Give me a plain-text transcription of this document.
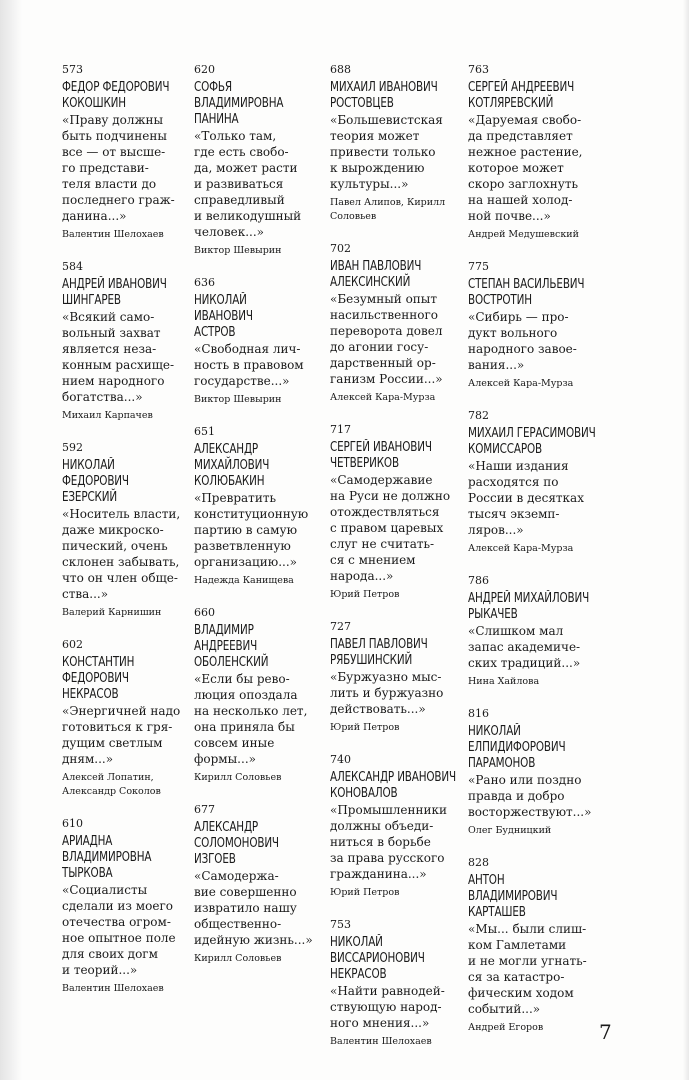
573
ФЕДОР ФЕДОРОВИЧ
КОКОШКИН
«Праву должны
быть подчинены
все — от высше-
го представи-
теля власти до
последнего граж-
данина...»
Валентин Шелохаев
584
АНДРЕЙ ИВАНОВИЧ
ШИНГАРЕВ
«Всякий само-
вольный захват
является неза-
конным расхище-
нием народного
богатства...»
Михаил Карпачев
592
НИКОЛАЙ
ФЕДОРОВИЧ
ЕЗЕРСКИЙ
«Носитель власти,
даже микроско-
пический, очень
склонен забывать,
что он член обще-
ства...»
Валерий Карнишин
602
КОНСТАНТИН
ФЕДОРОВИЧ
НЕКРАСОВ
«Энергичней надо
готовиться к гря-
дущим светлым
дням...»
Алексей Лопатин,
Александр Соколов
610
АРИАДНА
ВЛАДИМИРОВНА
ТЫРКОВА
«Социалисты
сделали из моего
отечества огром-
ное опытное поле
для своих догм
и теорий...»
Валентин Шелохаев
620
СОФЬЯ
ВЛАДИМИРОВНА
ПАНИНА
«Только там,
где есть свобо-
да, может расти
и развиваться
справедливый
и великодушный
человек...»
Виктор Шевырин
636
НИКОЛАЙ
ИВАНОВИЧ
АСТРОВ
«Свободная лич-
ность в правовом
государстве...»
Виктор Шевырин
651
АЛЕКСАНДР
МИХАЙЛОВИЧ
КОЛЮБАКИН
«Превратить
конституционную
партию в самую
разветвленную
организацию...»
Надежда Канищева
660
ВЛАДИМИР
АНДРЕЕВИЧ
ОБОЛЕНСКИЙ
«Если бы рево-
люция опоздала
на несколько лет,
она приняла бы
совсем иные
формы...»
Кирилл Соловьев
677
АЛЕКСАНДР
СОЛОМОНОВИЧ
ИЗГОЕВ
«Самодержа-
вие совершенно
извратило нашу
общественно-
идейную жизнь...»
Кирилл Соловьев
688
МИХАИЛ ИВАНОВИЧ
РОСТОВЦЕВ
«Большевистская
теория может
привести только
к вырождению
культуры...»
Павел Алипов, Кирилл
Соловьев
702
ИВАН ПАВЛОВИЧ
АЛЕКСИНСКИЙ
«Безумный опыт
насильственного
переворота довел
до агонии госу-
дарственный ор-
ганизм России...»
Алексей Кара-Мурза
717
СЕРГЕЙ ИВАНОВИЧ
ЧЕТВЕРИКОВ
«Самодержавие
на Руси не должно
отождествляться
с правом царевых
слуг не считать-
ся с мнением
народа...»
Юрий Петров
727
ПАВЕЛ ПАВЛОВИЧ
РЯБУШИНСКИЙ
«Буржуазно мыс-
лить и буржуазно
действовать...»
Юрий Петров
740
АЛЕКСАНДР ИВАНОВИЧ
КОНОВАЛОВ
«Промышленники
должны объеди-
ниться в борьбе
за права русского
гражданина...»
Юрий Петров
753
НИКОЛАЙ
ВИССАРИОНОВИЧ
НЕКРАСОВ
«Найти равнодей-
ствующую народ-
ного мнения...»
Валентин Шелохаев
763
СЕРГЕЙ АНДРЕЕВИЧ
КОТЛЯРЕВСКИЙ
«Даруемая свобо-
да представляет
нежное растение,
которое может
скоро заглохнуть
на нашей холод-
ной почве...»
Андрей Медушевский
775
СТЕПАН ВАСИЛЬЕВИЧ
ВОСТРОТИН
«Сибирь — про-
дукт вольного
народного завое-
вания...»
Алексей Кара-Мурза
782
МИХАИЛ ГЕРАСИМОВИЧ
КОМИССАРОВ
«Наши издания
расходятся по
России в десятках
тысяч экземп-
ляров...»
Алексей Кара-Мурза
786
АНДРЕЙ МИХАЙЛОВИЧ
РЫКАЧЕВ
«Слишком мал
запас академиче-
ских традиций...»
Нина Хайлова
816
НИКОЛАЙ
ЕЛПИДИФОРОВИЧ
ПАРАМОНОВ
«Рано или поздно
правда и добро
восторжествуют...»
Олег Будницкий
828
АНТОН
ВЛАДИМИРОВИЧ
КАРТАШЕВ
«Мы... были слиш-
ком Гамлетами
и не могли угнать-
ся за катастро-
фическим ходом
событий...»
Андрей Егоров	7
